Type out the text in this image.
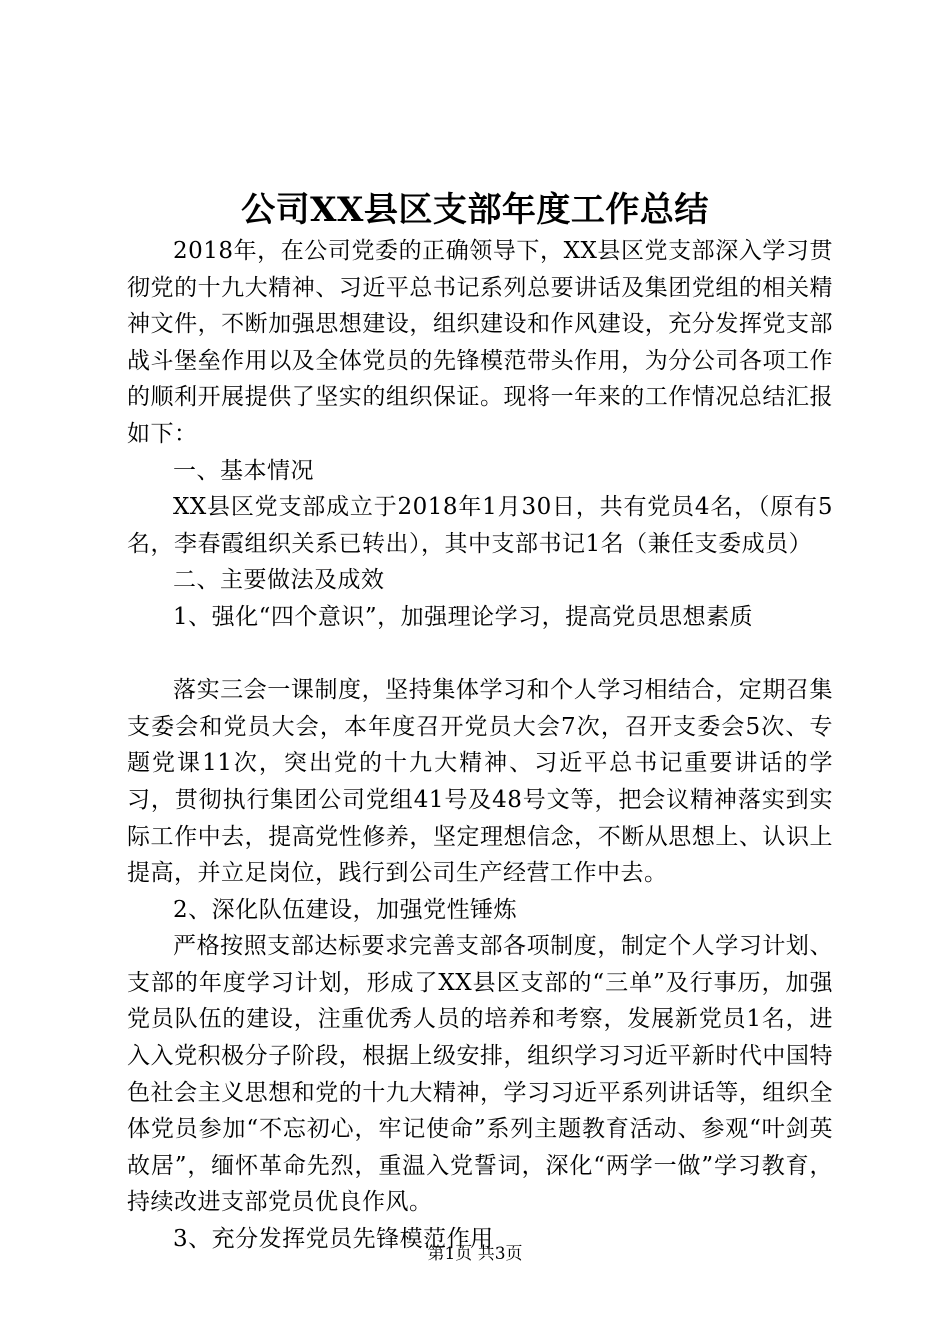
公司XX县区支部年度工作总结

2018年，在公司党委的正确领导下，XX县区党支部深入学习贯彻党的十九大精神、习近平总书记系列总要讲话及集团党组的相关精神文件，不断加强思想建设，组织建设和作风建设，充分发挥党支部战斗堡垒作用以及全体党员的先锋模范带头作用，为分公司各项工作的顺利开展提供了坚实的组织保证。现将一年来的工作情况总结汇报如下：

一、基本情况

XX县区党支部成立于2018年1月30日，共有党员4名，（原有5名，李春霞组织关系已转出），其中支部书记1名（兼任支委成员）

二、主要做法及成效

1、强化“四个意识”，加强理论学习，提高党员思想素质

落实三会一课制度，坚持集体学习和个人学习相结合，定期召集支委会和党员大会，本年度召开党员大会7次，召开支委会5次、专题党课11次，突出党的十九大精神、习近平总书记重要讲话的学习，贯彻执行集团公司党组41号及48号文等，把会议精神落实到实际工作中去，提高党性修养，坚定理想信念，不断从思想上、认识上提高，并立足岗位，践行到公司生产经营工作中去。

2、深化队伍建设，加强党性锤炼

严格按照支部达标要求完善支部各项制度，制定个人学习计划、支部的年度学习计划，形成了XX县区支部的“三单”及行事历，加强党员队伍的建设，注重优秀人员的培养和考察，发展新党员1名，进入入党积极分子阶段，根据上级安排，组织学习习近平新时代中国特色社会主义思想和党的十九大精神，学习习近平系列讲话等，组织全体党员参加“不忘初心，牢记使命”系列主题教育活动、参观“叶剑英故居”，缅怀革命先烈，重温入党誓词，深化“两学一做”学习教育，持续改进支部党员优良作风。

3、充分发挥党员先锋模范作用

第1页 共3页
